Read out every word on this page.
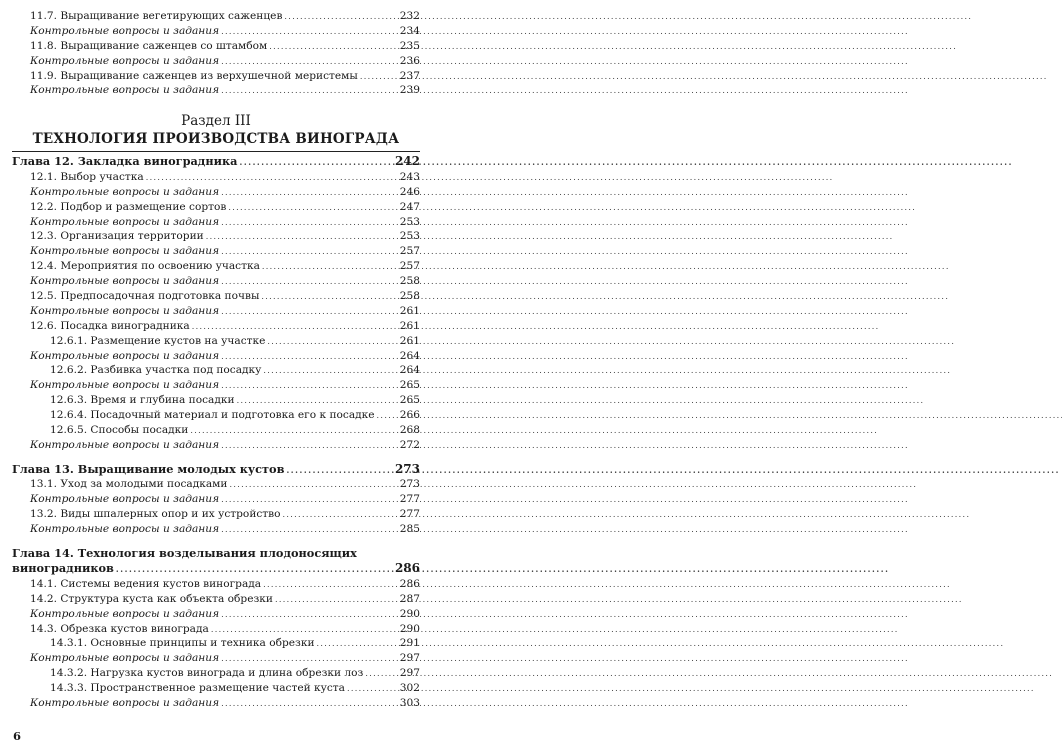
11.7. Выращивание вегетирующих саженцев . . .	232
Контрольные вопросы и задания . . .	234
11.8. Выращивание саженцев со штамбом . . .	235
Контрольные вопросы и задания . . .	236
11.9. Выращивание саженцев из верхушечной меристемы . . .	237
Контрольные вопросы и задания . . .	239
Раздел III
ТЕХНОЛОГИЯ ПРОИЗВОДСТВА ВИНОГРАДА
Глава 12. Закладка виноградника . . .	242
12.1. Выбор участка . . .	243
Контрольные вопросы и задания . . .	246
12.2. Подбор и размещение сортов . . .	247
Контрольные вопросы и задания . . .	253
12.3. Организация территории . . .	253
Контрольные вопросы и задания . . .	257
12.4. Мероприятия по освоению участка . . .	257
Контрольные вопросы и задания . . .	258
12.5. Предпосадочная подготовка почвы . . .	258
Контрольные вопросы и задания . . .	261
12.6. Посадка виноградника . . .	261
12.6.1. Размещение кустов на участке . . .	261
Контрольные вопросы и задания . . .	264
12.6.2. Разбивка участка под посадку . . .	264
Контрольные вопросы и задания . . .	265
12.6.3. Время и глубина посадки . . .	265
12.6.4. Посадочный материал и подготовка его к посадке . . . 266
12.6.5. Способы посадки . . .	268
Контрольные вопросы и задания . . .	272
Глава 13. Выращивание молодых кустов . . .	273
13.1. Уход за молодыми посадками . . .	273
Контрольные вопросы и задания . . .	277
13.2. Виды шпалерных опор и их устройство . . .	277
Контрольные вопросы и задания . . .	285
Глава 14. Технология возделывания плодоносящих
виноградников . . .	286
14.1. Системы ведения кустов винограда . . .	286
14.2. Структура куста как объекта обрезки . . .	287
Контрольные вопросы и задания . . .	290
14.3. Обрезка кустов винограда . . .	290
14.3.1. Основные принципы и техника обрезки . . .	291
Контрольные вопросы и задания . . .	297
14.3.2. Нагрузка кустов винограда и длина обрезки лоз . . .	297
14.3.3. Пространственное размещение частей куста . . .	302
Контрольные вопросы и задания . . .	303
6
